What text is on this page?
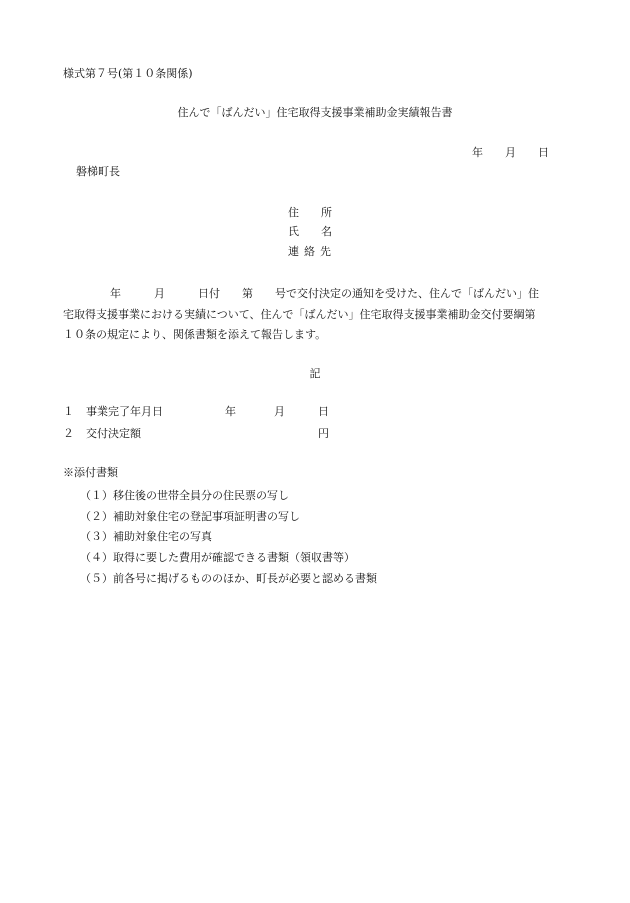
様式第７号(第１０条関係)
住んで「ばんだい」住宅取得支援事業補助金実績報告書
年 月 日
磐梯町長
住 所
氏 名
連 絡 先
年	月	日付 第 号で交付決定の通知を受けた、住んで「ばんだい」住
宅取得支援事業における実績について、住んで「ばんだい」住宅取得支援事業補助金交付要綱第
１０条の規定により、関係書類を添えて報告します。
記
１ 事業完了年月日	年	月	日
２ 交付決定額	円
※添付書類
（１）移住後の世帯全員分の住民票の写し
（２）補助対象住宅の登記事項証明書の写し
（３）補助対象住宅の写真
（４）取得に要した費用が確認できる書類（領収書等）
（５）前各号に掲げるもののほか、町長が必要と認める書類
